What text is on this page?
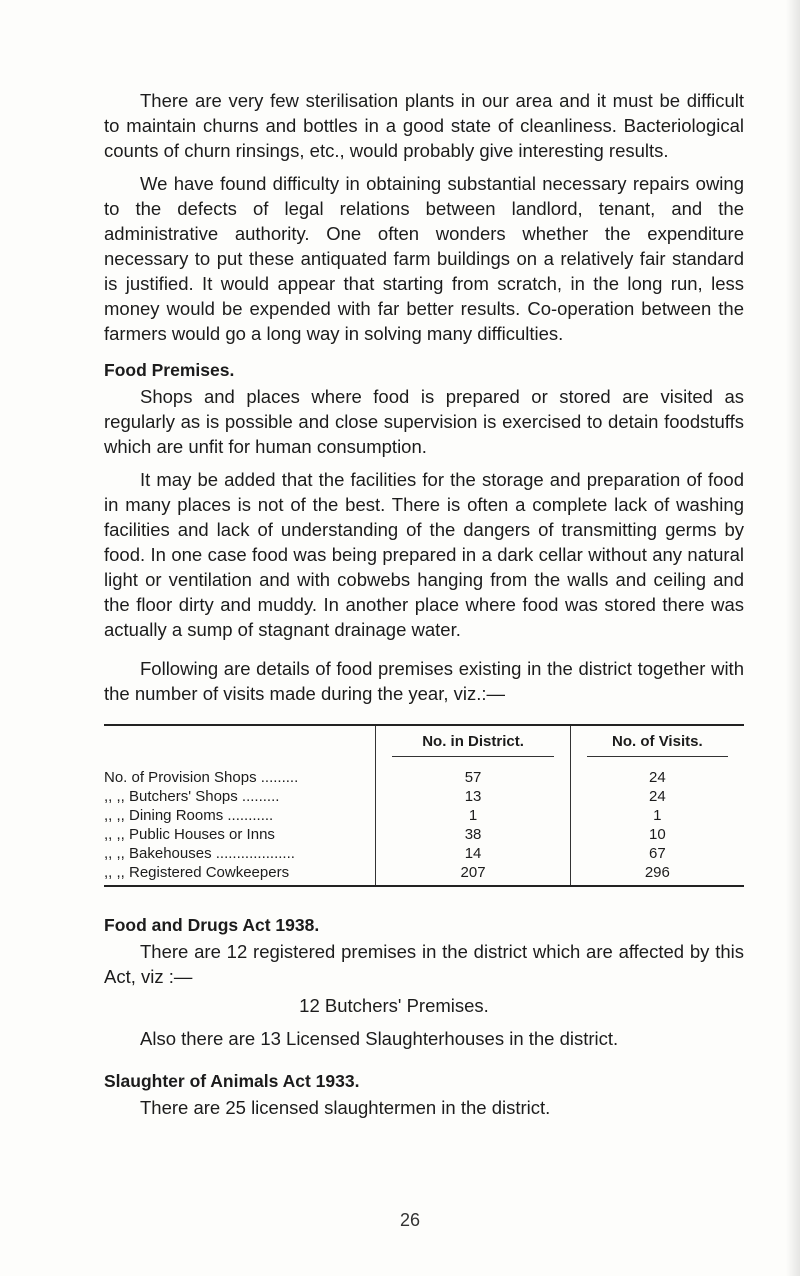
There are very few sterilisation plants in our area and it must be difficult to maintain churns and bottles in a good state of cleanliness. Bacteriological counts of churn rinsings, etc., would probably give interesting results.

We have found difficulty in obtaining substantial necessary repairs owing to the defects of legal relations between landlord, tenant, and the administrative authority. One often wonders whether the expenditure necessary to put these antiquated farm buildings on a relatively fair standard is justified. It would appear that starting from scratch, in the long run, less money would be expended with far better results. Co-operation between the farmers would go a long way in solving many difficulties.

Food Premises.

Shops and places where food is prepared or stored are visited as regularly as is possible and close supervision is exercised to detain foodstuffs which are unfit for human consumption.

It may be added that the facilities for the storage and preparation of food in many places is not of the best. There is often a complete lack of washing facilities and lack of understanding of the dangers of transmitting germs by food. In one case food was being prepared in a dark cellar without any natural light or ventilation and with cobwebs hanging from the walls and ceiling and the floor dirty and muddy. In another place where food was stored there was actually a sump of stagnant drainage water.

Following are details of food premises existing in the district together with the number of visits made during the year, viz.:—

	No. in District.	No. of Visits.

No. of Provision Shops .........	57	24
,, ,, Butchers' Shops .........	13	24
,, ,, Dining Rooms ...........	1	1
,, ,, Public Houses or Inns	38	10
,, ,, Bakehouses ...................	14	67
,, ,, Registered Cowkeepers	207	296
Food and Drugs Act 1938.

There are 12 registered premises in the district which are affected by this Act, viz :—

12 Butchers' Premises.

Also there are 13 Licensed Slaughterhouses in the district.

Slaughter of Animals Act 1933.

There are 25 licensed slaughtermen in the district.

26
